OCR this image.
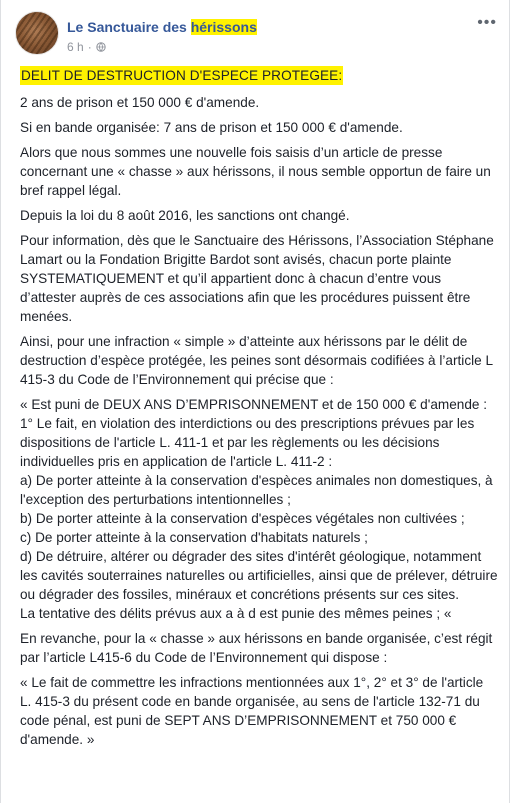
Le Sanctuaire des hérissons
6 h ·
•••
DELIT DE DESTRUCTION D'ESPECE PROTEGEE:

2 ans de prison et 150 000 € d'amende.

Si en bande organisée: 7 ans de prison et 150 000 € d'amende.

Alors que nous sommes une nouvelle fois saisis d’un article de presse concernant une « chasse » aux hérissons, il nous semble opportun de faire un bref rappel légal.

Depuis la loi du 8 août 2016, les sanctions ont changé.

Pour information, dès que le Sanctuaire des Hérissons, l’Association Stéphane Lamart ou la Fondation Brigitte Bardot sont avisés, chacun porte plainte SYSTEMATIQUEMENT et qu’il appartient donc à chacun d’entre vous d’attester auprès de ces associations afin que les procédures puissent être menées.

Ainsi, pour une infraction « simple » d’atteinte aux hérissons par le délit de destruction d’espèce protégée, les peines sont désormais codifiées à l’article L 415-3 du Code de l’Environnement qui précise que :

« Est puni de DEUX ANS D’EMPRISONNEMENT et de 150 000 € d'amende :

1° Le fait, en violation des interdictions ou des prescriptions prévues par les dispositions de l'article L. 411-1 et par les règlements ou les décisions individuelles pris en application de l'article L. 411-2 :

a) De porter atteinte à la conservation d'espèces animales non domestiques, à l'exception des perturbations intentionnelles ;

b) De porter atteinte à la conservation d'espèces végétales non cultivées ;

c) De porter atteinte à la conservation d'habitats naturels ;

d) De détruire, altérer ou dégrader des sites d'intérêt géologique, notamment les cavités souterraines naturelles ou artificielles, ainsi que de prélever, détruire ou dégrader des fossiles, minéraux et concrétions présents sur ces sites.

La tentative des délits prévus aux a à d est punie des mêmes peines ; «

En revanche, pour la « chasse » aux hérissons en bande organisée, c’est régit par l’article L415-6 du Code de l’Environnement qui dispose :

« Le fait de commettre les infractions mentionnées aux 1°, 2° et 3° de l'article L. 415-3 du présent code en bande organisée, au sens de l'article 132-71 du code pénal, est puni de SEPT ANS D’EMPRISONNEMENT et 750 000 € d'amende. »
